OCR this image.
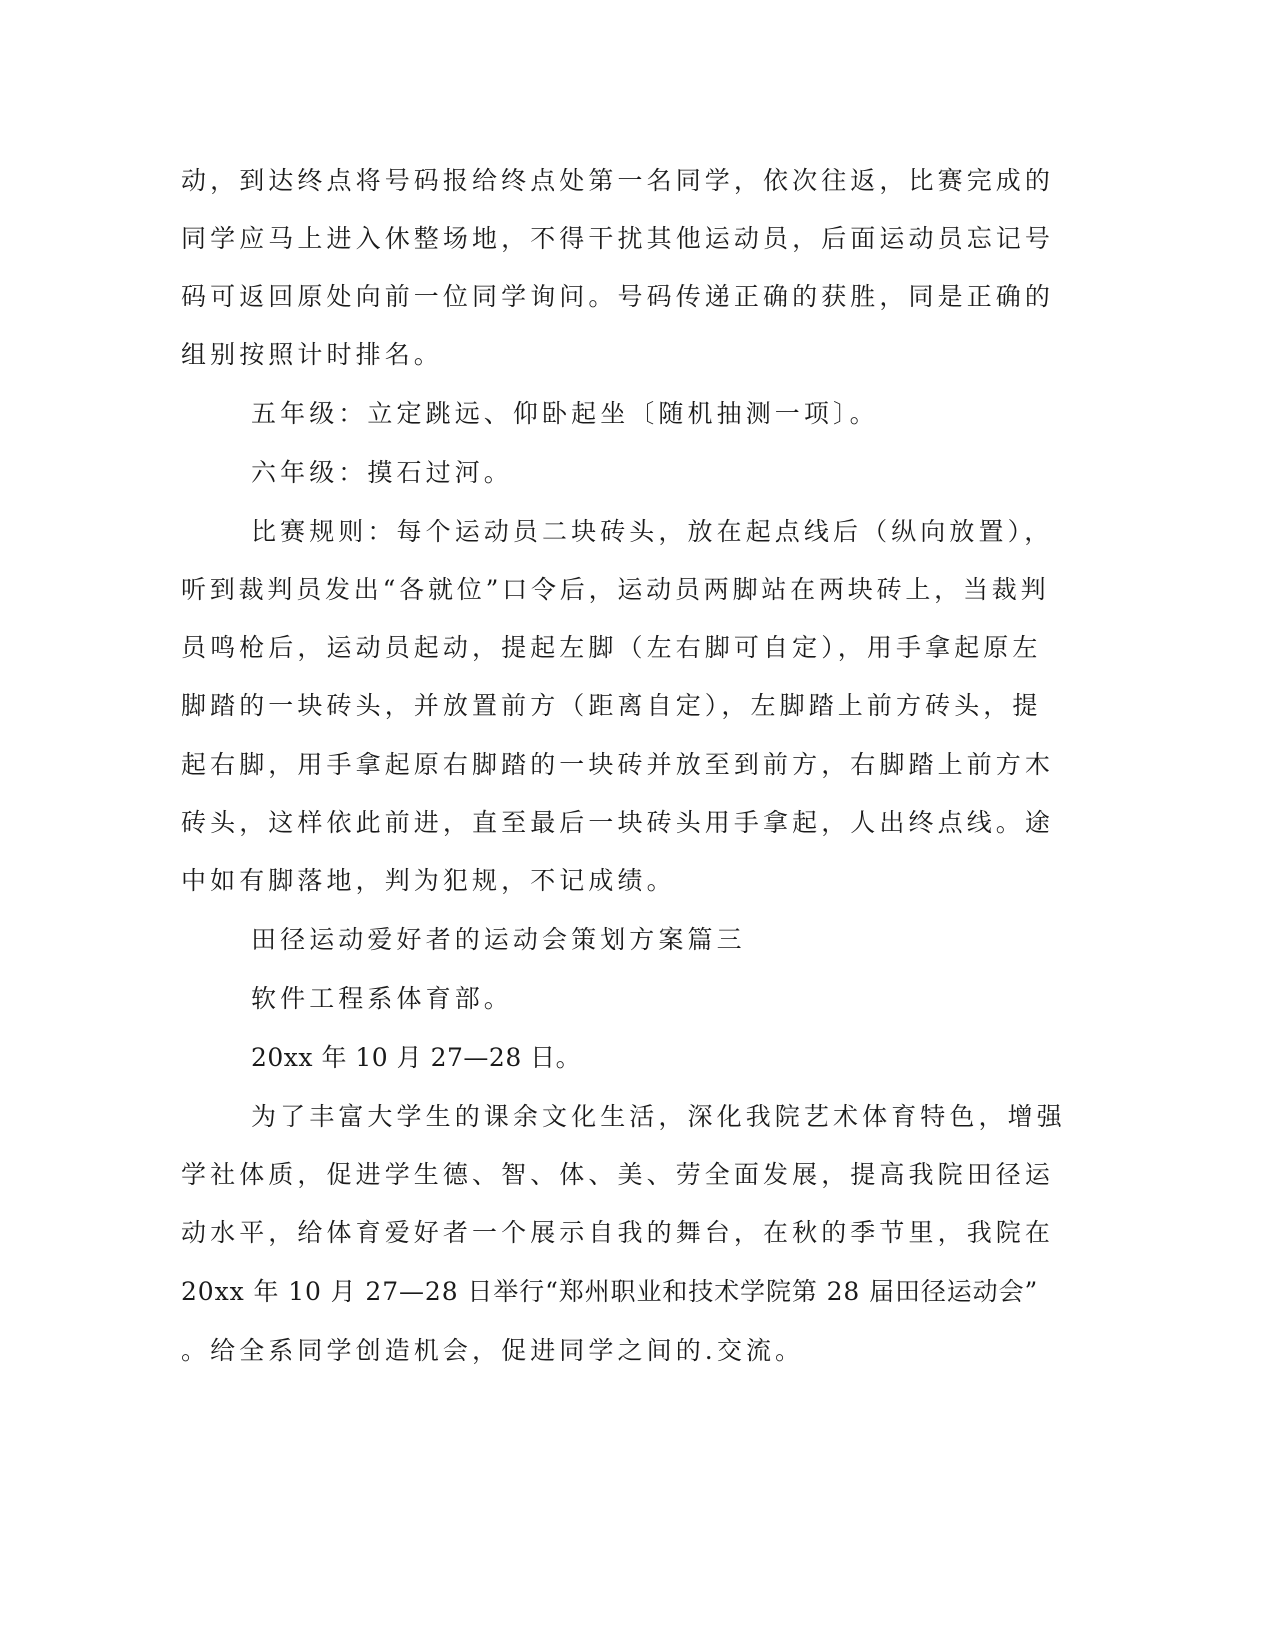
动，到达终点将号码报给终点处第一名同学，依次往返，比赛完成的

同学应马上进入休整场地，不得干扰其他运动员，后面运动员忘记号

码可返回原处向前一位同学询问。号码传递正确的获胜，同是正确的

组别按照计时排名。

五年级：立定跳远、仰卧起坐〔随机抽测一项〕。

六年级：摸石过河。

比赛规则：每个运动员二块砖头，放在起点线后（纵向放置），

听到裁判员发出“各就位”口令后，运动员两脚站在两块砖上，当裁判

员鸣枪后，运动员起动，提起左脚（左右脚可自定），用手拿起原左

脚踏的一块砖头，并放置前方（距离自定），左脚踏上前方砖头，提

起右脚，用手拿起原右脚踏的一块砖并放至到前方，右脚踏上前方木

砖头，这样依此前进，直至最后一块砖头用手拿起，人出终点线。途

中如有脚落地，判为犯规，不记成绩。

田径运动爱好者的运动会策划方案篇三

软件工程系体育部。

20xx 年 10 月 27—28 日。

为了丰富大学生的课余文化生活，深化我院艺术体育特色，增强

学社体质，促进学生德、智、体、美、劳全面发展，提高我院田径运

动水平，给体育爱好者一个展示自我的舞台，在秋的季节里，我院在

20xx 年 10 月 27—28 日举行“郑州职业和技术学院第 28 届田径运动会”

。给全系同学创造机会，促进同学之间的.交流。
